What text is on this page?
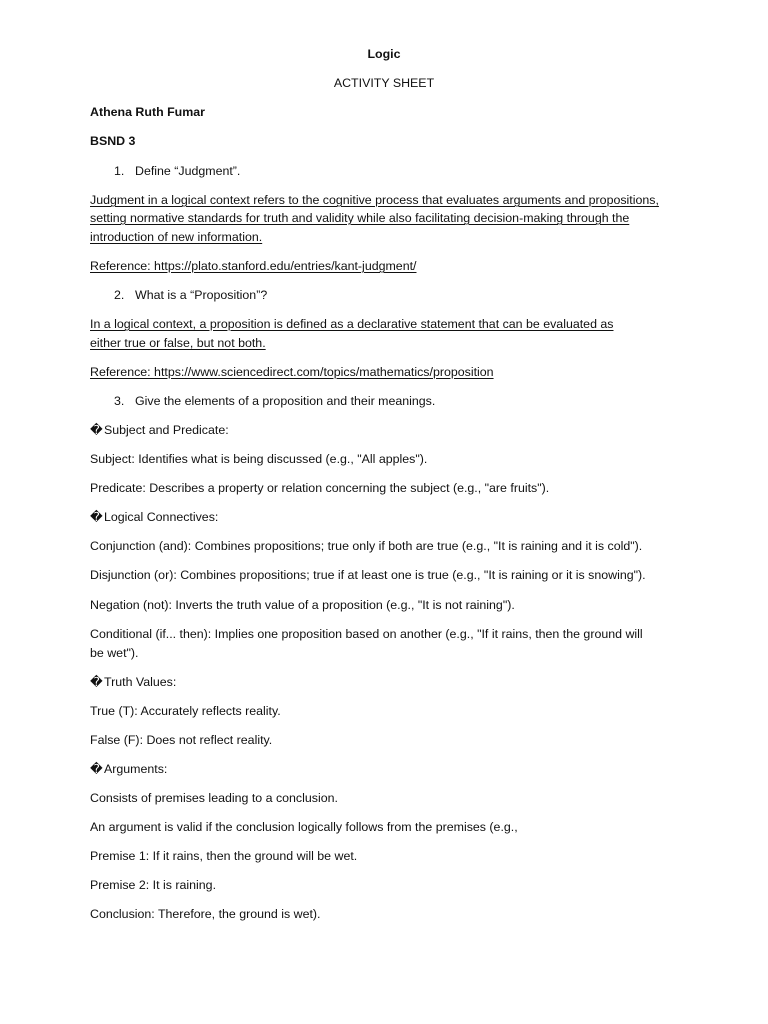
Logic
ACTIVITY SHEET
Athena Ruth Fumar
BSND 3
1. Define “Judgment”.
Judgment in a logical context refers to the cognitive process that evaluates arguments and propositions,
setting normative standards for truth and validity while also facilitating decision-making through the
introduction of new information.
Reference: https://plato.stanford.edu/entries/kant-judgment/
2. What is a “Proposition”?
In a logical context, a proposition is defined as a declarative statement that can be evaluated as
either true or false, but not both.
Reference: https://www.sciencedirect.com/topics/mathematics/proposition
3. Give the elements of a proposition and their meanings.
�Subject and Predicate:
Subject: Identifies what is being discussed (e.g., "All apples").
Predicate: Describes a property or relation concerning the subject (e.g., "are fruits").
�Logical Connectives:
Conjunction (and): Combines propositions; true only if both are true (e.g., "It is raining and it is cold").
Disjunction (or): Combines propositions; true if at least one is true (e.g., "It is raining or it is snowing").
Negation (not): Inverts the truth value of a proposition (e.g., "It is not raining").
Conditional (if... then): Implies one proposition based on another (e.g., "If it rains, then the ground will
be wet").
�Truth Values:
True (T): Accurately reflects reality.
False (F): Does not reflect reality.
�Arguments:
Consists of premises leading to a conclusion.
An argument is valid if the conclusion logically follows from the premises (e.g.,
Premise 1: If it rains, then the ground will be wet.
Premise 2: It is raining.
Conclusion: Therefore, the ground is wet).
